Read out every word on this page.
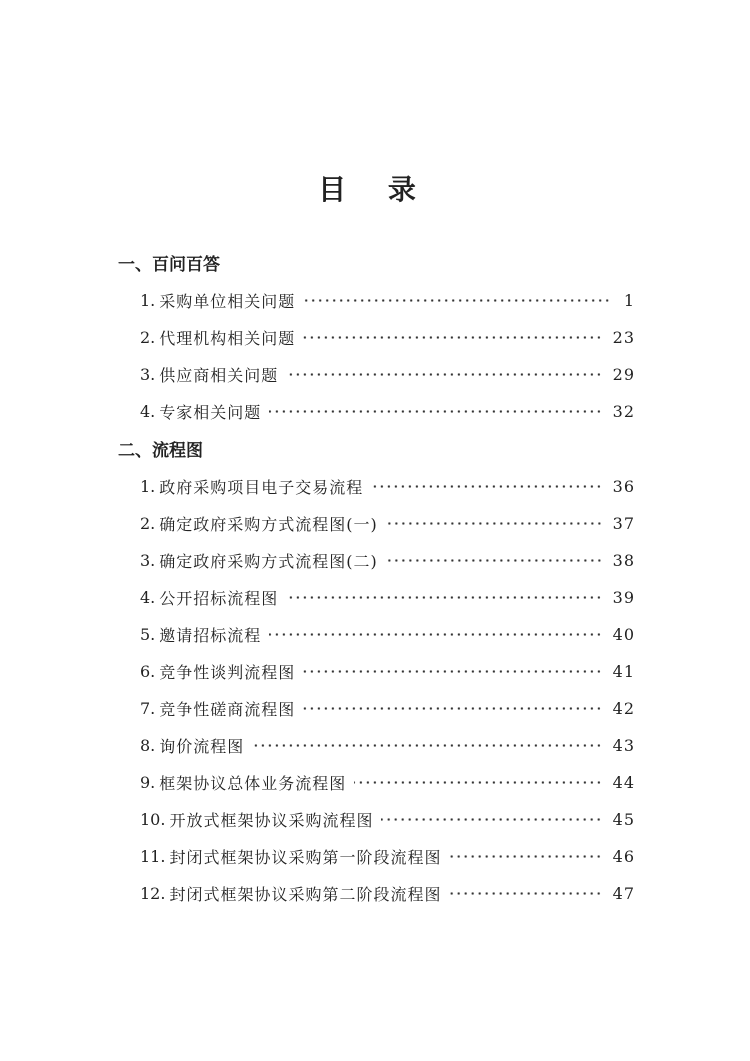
目 录
一、百问百答
1. 采购单位相关问题	1
2. 代理机构相关问题	23
3. 供应商相关问题	29
4. 专家相关问题	32
二、流程图
1. 政府采购项目电子交易流程	36
2. 确定政府采购方式流程图(一)	37
3. 确定政府采购方式流程图(二)	38
4. 公开招标流程图	39
5. 邀请招标流程	40
6. 竞争性谈判流程图	41
7. 竞争性磋商流程图	42
8. 询价流程图	43
9. 框架协议总体业务流程图	44
10. 开放式框架协议采购流程图	45
11. 封闭式框架协议采购第一阶段流程图	46
12. 封闭式框架协议采购第二阶段流程图	47
